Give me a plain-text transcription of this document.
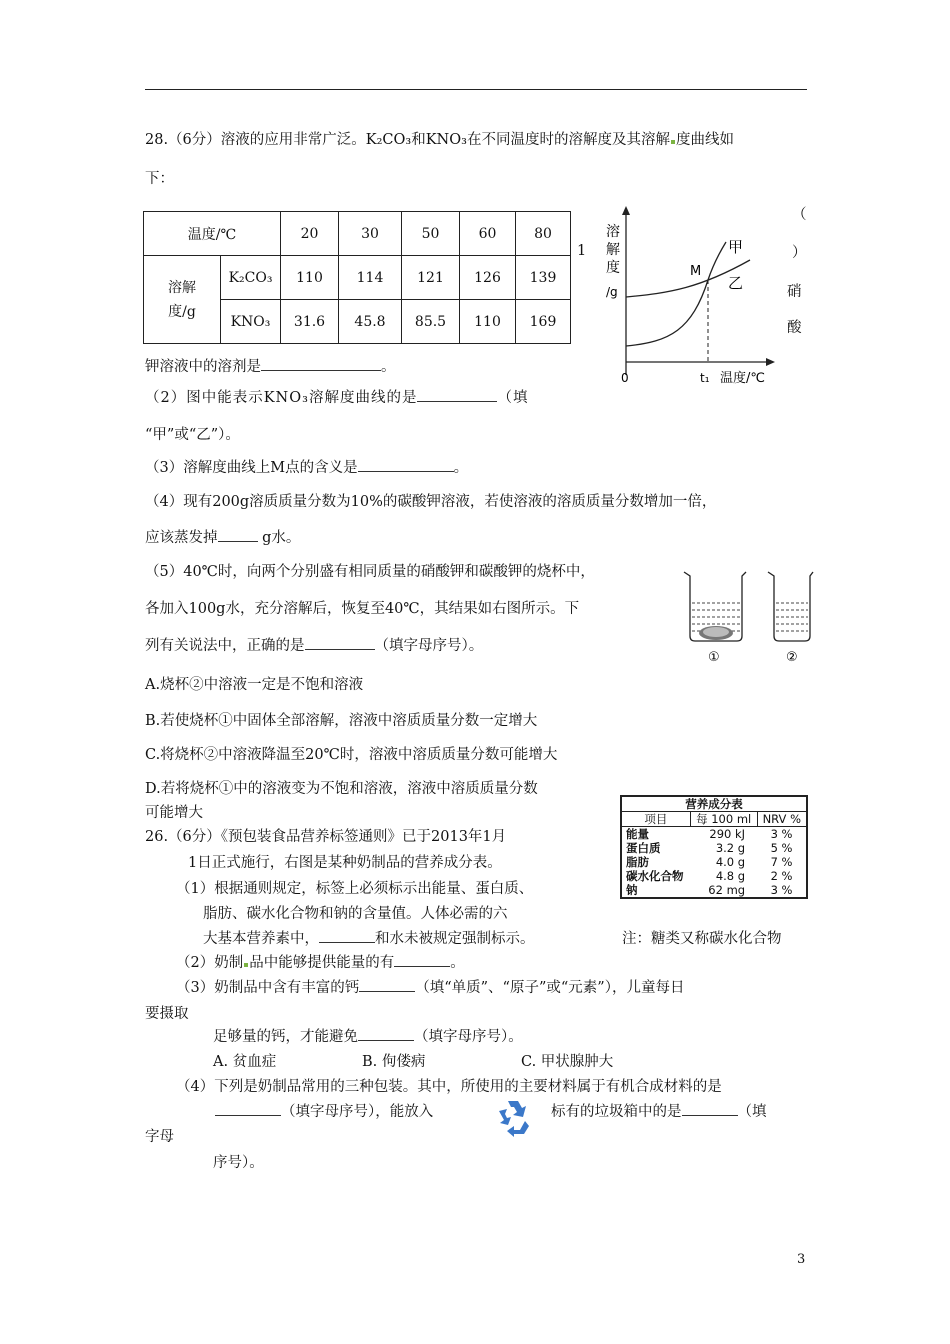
28.（6分）溶液的应用非常广泛。K₂CO₃和KNO₃在不同温度时的溶解度及其溶解 度曲线如
下：
温度/℃		20	30	50	60	80
溶解度/g	K₂CO₃	110	114	121	126	139
	KNO₃	31.6	45.8	85.5	110	169
1
（
）
硝
酸
溶
解
度
/g
0	t₁ 温度/℃
甲
乙
M
钾溶液中的溶剂是	。
（2）图中能表示KNO₃溶解度曲线的是	（填
“甲”或“乙”）。
（3）溶解度曲线上M点的含义是	。
（4）现有200g溶质质量分数为10%的碳酸钾溶液，若使溶液的溶质质量分数增加一倍，
应该蒸发掉	g水。
（5）40℃时，向两个分别盛有相同质量的硝酸钾和碳酸钾的烧杯中，
各加入100g水，充分溶解后，恢复至40℃，其结果如右图所示。下
列有关说法中，正确的是	（填字母序号）。
①	②
A.烧杯②中溶液一定是不饱和溶液
B.若使烧杯①中固体全部溶解，溶液中溶质质量分数一定增大
C.将烧杯②中溶液降温至20℃时，溶液中溶质质量分数可能增大
D.若将烧杯①中的溶液变为不饱和溶液，溶液中溶质质量分数
可能增大
26.（6分）《预包装食品营养标签通则》已于2013年1月
1日正式施行，右图是某种奶制品的营养成分表。
（1）根据通则规定，标签上必须标示出能量、蛋白质、
脂肪、碳水化合物和钠的含量值。人体必需的六
大基本营养素中，	和水未被规定强制标示。	注：糖类又称碳水化合物
营养成分表		
项目	每 100 ml	NRV %
能量	290 kJ	3 %
蛋白质	3.2 g	5 %
脂肪	4.0 g	7 %
碳水化合物	4.8 g	2 %
钠	62 mg	3 %
（2）奶制 品中能够提供能量的有	。
（3）奶制品中含有丰富的钙	（填“单质”、“原子”或“元素”），儿童每日
要摄取
足够量的钙，才能避免	（填字母序号）。
A. 贫血症	B. 佝偻病	C. 甲状腺肿大
（4）下列是奶制品常用的三种包装。其中，所使用的主要材料属于有机合成材料的是
（填字母序号），能放入	标有的垃圾箱中的是	（填
字母
序号）。
3
